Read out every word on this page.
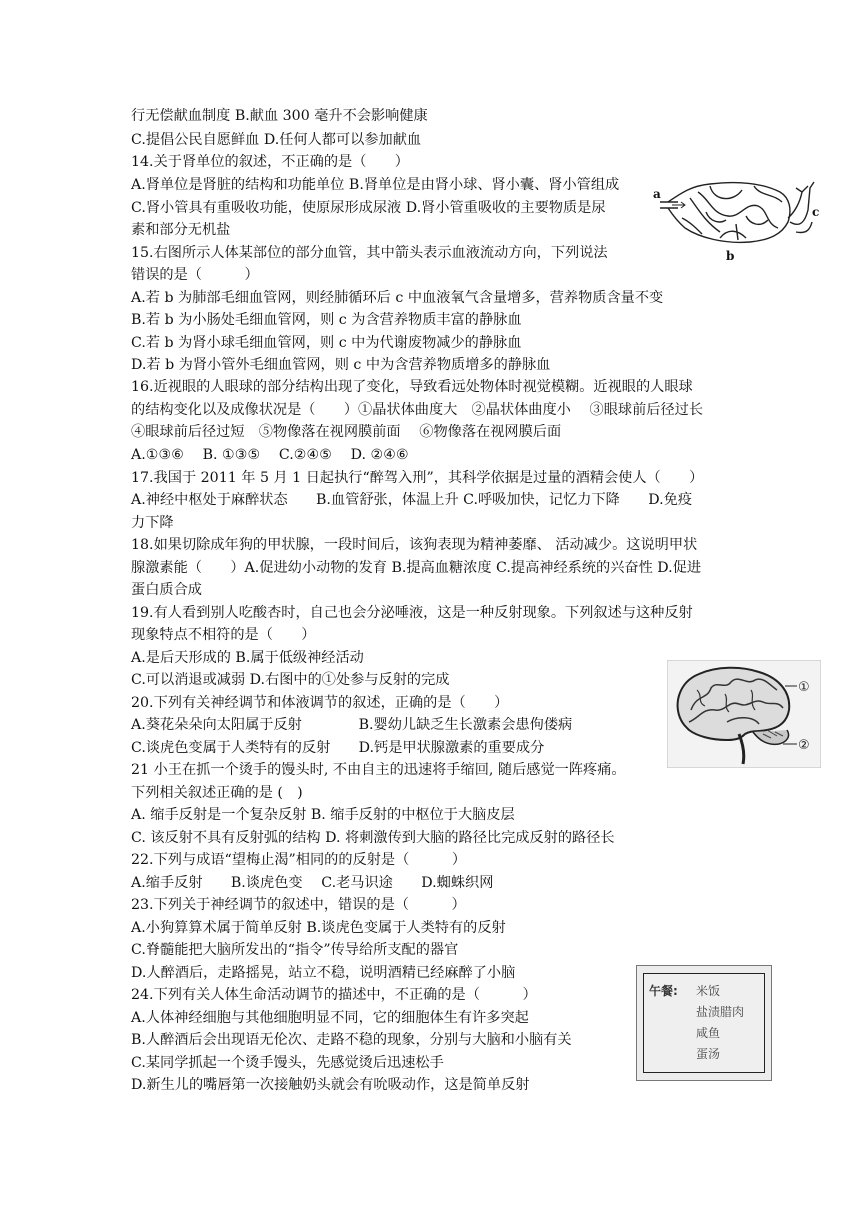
行无偿献血制度 B.献血 300 毫升不会影响健康
C.提倡公民自愿鲜血 D.任何人都可以参加献血
14.关于肾单位的叙述，不正确的是（　　）
A.肾单位是肾脏的结构和功能单位 B.肾单位是由肾小球、肾小囊、肾小管组成
C.肾小管具有重吸收功能，使原尿形成尿液 D.肾小管重吸收的主要物质是尿
素和部分无机盐
15.右图所示人体某部位的部分血管，其中箭头表示血液流动方向，下列说法
错误的是（　　　）
A.若 b 为肺部毛细血管网，则经肺循环后 c 中血液氧气含量增多，营养物质含量不变
B.若 b 为小肠处毛细血管网，则 c 为含营养物质丰富的静脉血
C.若 b 为肾小球毛细血管网，则 c 中为代谢废物减少的静脉血
D.若 b 为肾小管外毛细血管网，则 c 中为含营养物质增多的静脉血
16.近视眼的人眼球的部分结构出现了变化，导致看远处物体时视觉模糊。近视眼的人眼球
的结构变化以及成像状况是（　　）①晶状体曲度大　②晶状体曲度小　 ③眼球前后径过长
④眼球前后径过短　⑤物像落在视网膜前面　 ⑥物像落在视网膜后面
A.①③⑥　 B. ①③⑤　 C.②④⑤　 D. ②④⑥
17.我国于 2011 年 5 月 1 日起执行“醉驾入刑”，其科学依据是过量的酒精会使人（　　）
A.神经中枢处于麻醉状态　　B.血管舒张，体温上升 C.呼吸加快，记忆力下降　　D.免疫
力下降
18.如果切除成年狗的甲状腺，一段时间后，该狗表现为精神萎靡、 活动减少。这说明甲状
腺激素能（　　）A.促进幼小动物的发育 B.提高血糖浓度 C.提高神经系统的兴奋性 D.促进
蛋白质合成
19.有人看到别人吃酸杏时，自己也会分泌唾液，这是一种反射现象。下列叙述与这种反射
现象特点不相符的是（　　）
A.是后天形成的 B.属于低级神经活动
C.可以消退或减弱 D.右图中的①处参与反射的完成
20.下列有关神经调节和体液调节的叙述，正确的是（　　）
A.葵花朵朵向太阳属于反射　　　　B.婴幼儿缺乏生长激素会患佝偻病
C.谈虎色变属于人类特有的反射　　D.钙是甲状腺激素的重要成分
21 小王在抓一个烫手的馒头时, 不由自主的迅速将手缩回, 随后感觉一阵疼痛。
下列相关叙述正确的是 (　)
A. 缩手反射是一个复杂反射 B. 缩手反射的中枢位于大脑皮层
C. 该反射不具有反射弧的结构 D. 将刺激传到大脑的路径比完成反射的路径长
22.下列与成语“望梅止渴”相同的的反射是（　　　）
A.缩手反射　　B.谈虎色变　 C.老马识途　　D.蜘蛛织网
23.下列关于神经调节的叙述中，错误的是（　　　）
A.小狗算算术属于简单反射 B.谈虎色变属于人类特有的反射
C.脊髓能把大脑所发出的“指令”传导给所支配的器官
D.人醉酒后，走路摇晃，站立不稳，说明酒精已经麻醉了小脑
24.下列有关人体生命活动调节的描述中，不正确的是（　　　）
A.人体神经细胞与其他细胞明显不同，它的细胞体生有许多突起
B.人醉酒后会出现语无伦次、走路不稳的现象，分别与大脑和小脑有关
C.某同学抓起一个烫手馒头，先感觉烫后迅速松手
D.新生儿的嘴唇第一次接触奶头就会有吮吸动作，这是简单反射
a
c
b
①
②
午餐: 米饭
盐渍腊肉
咸鱼
蛋汤
